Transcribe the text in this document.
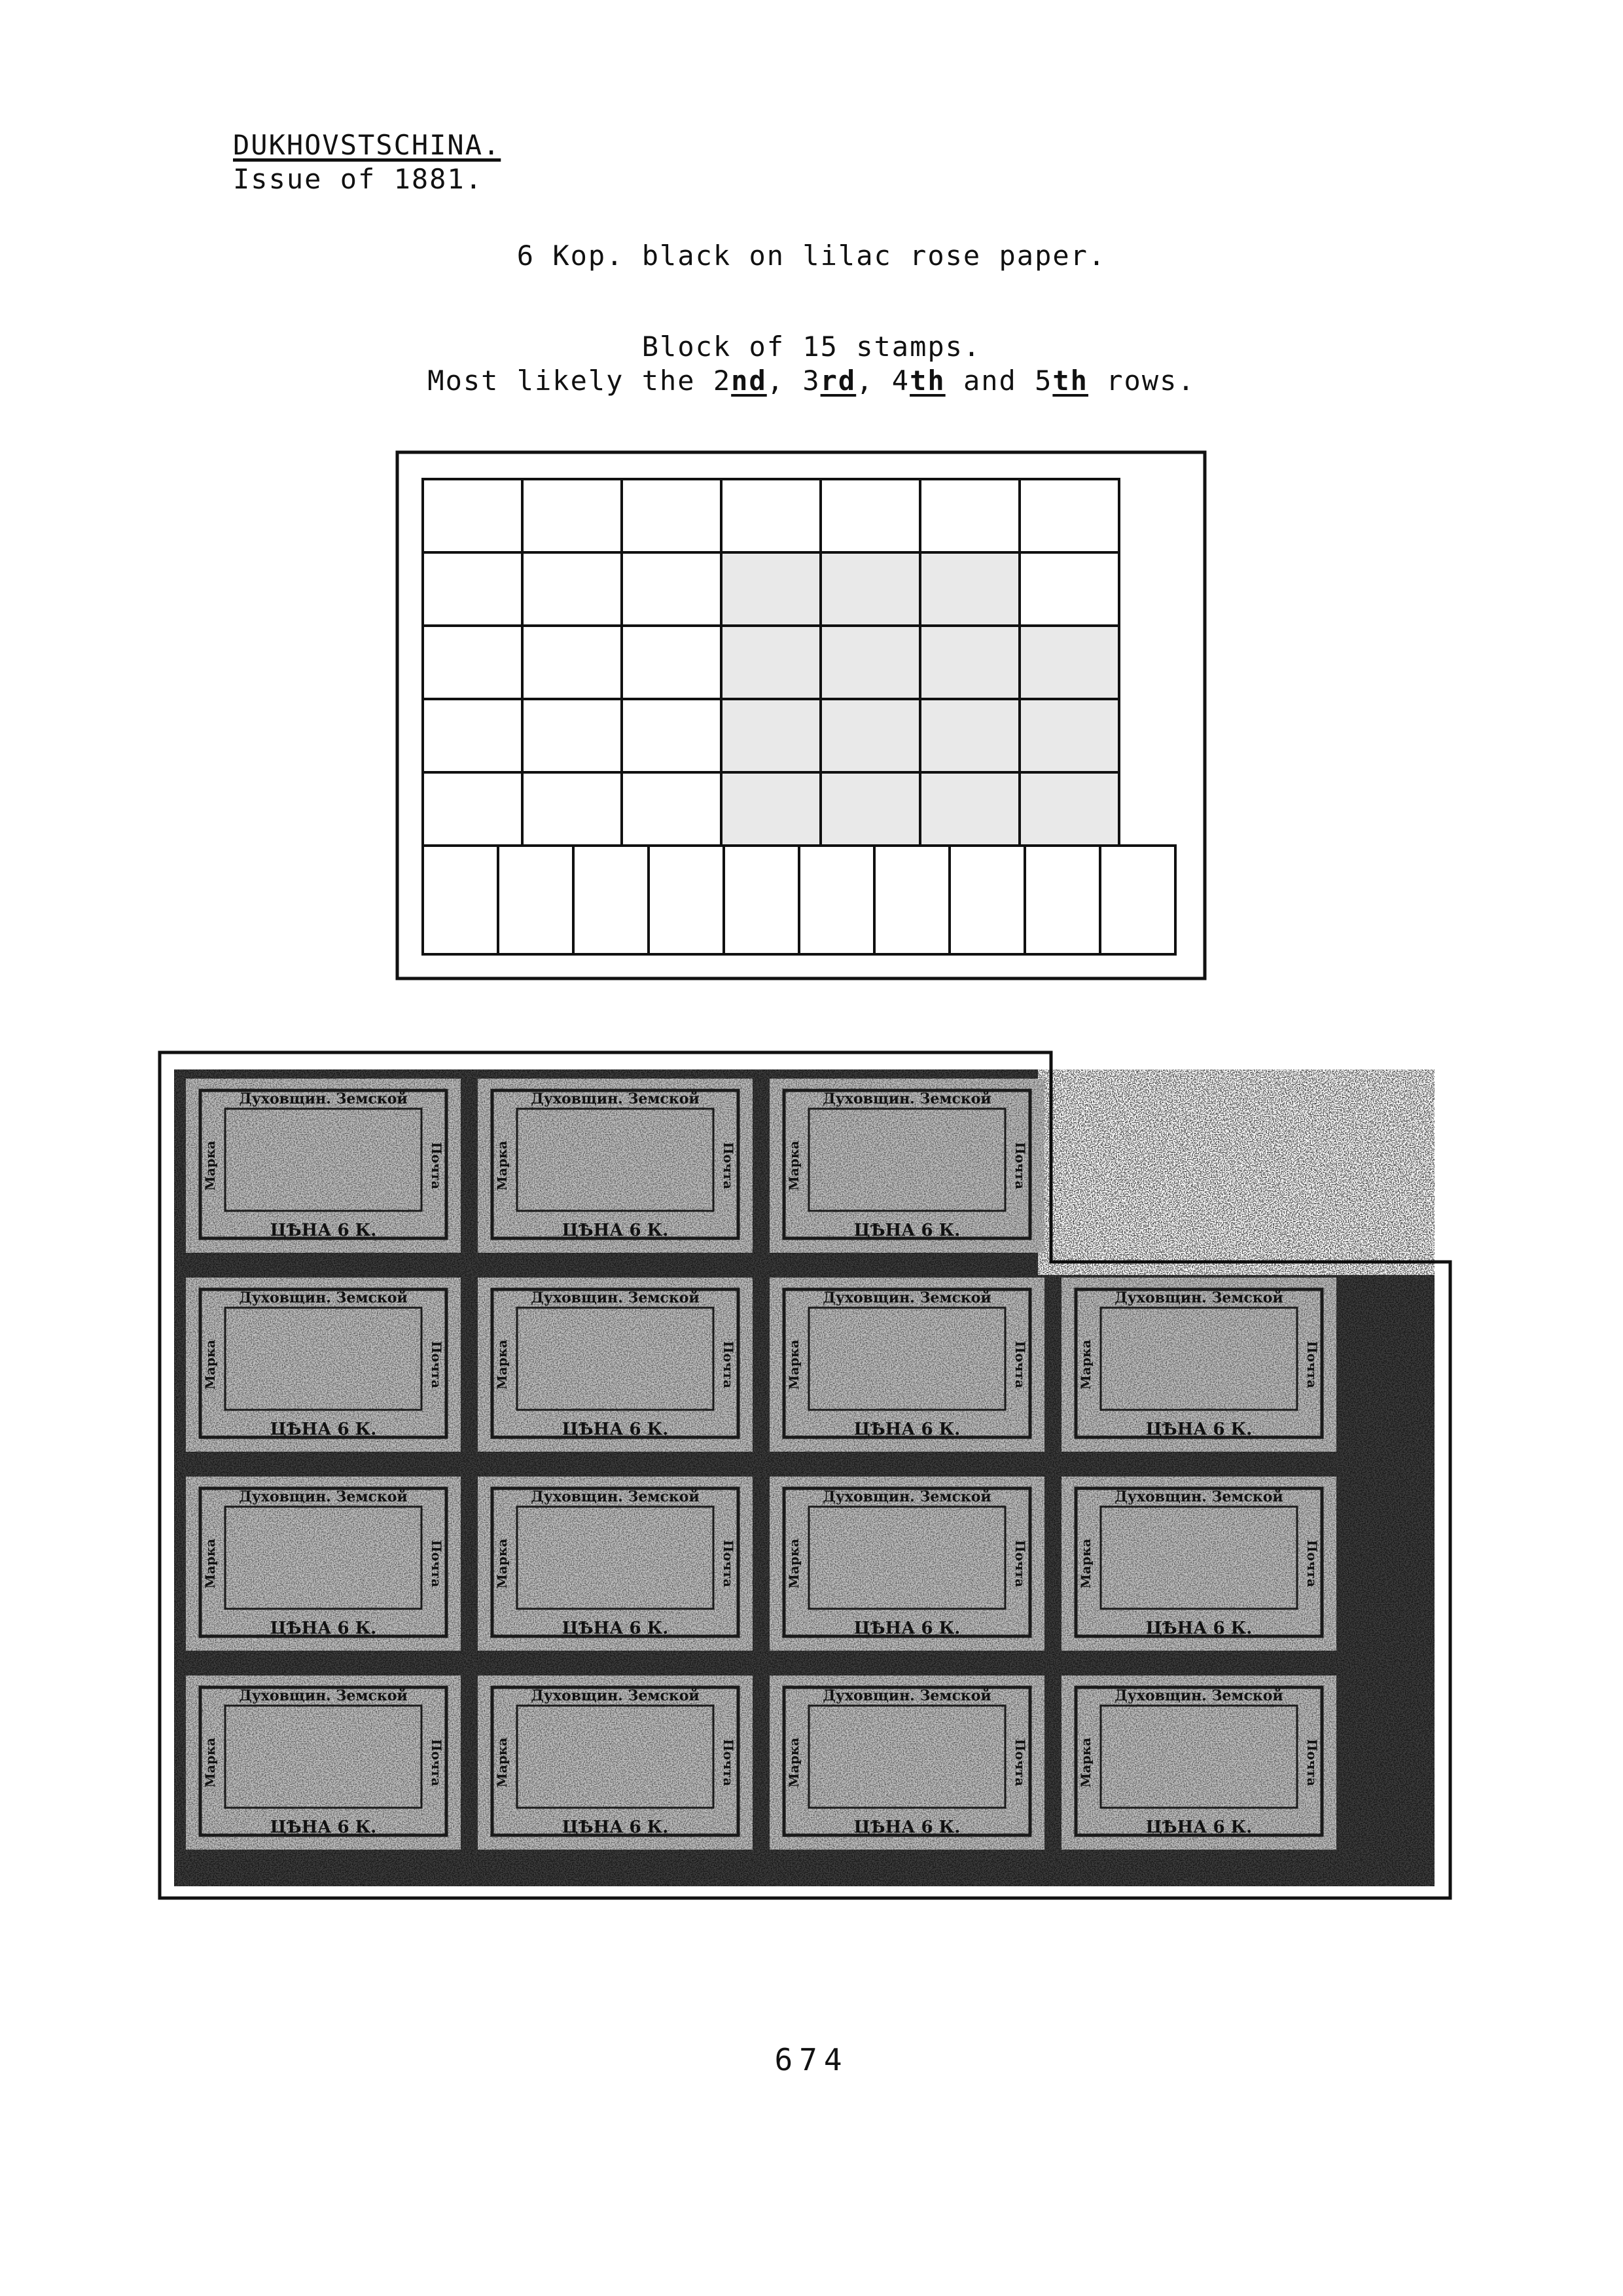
DUKHOVSTSCHINA.
Issue of 1881.
6 Kop. black on lilac rose paper.
Block of 15 stamps.
Most likely the 2nd, 3rd, 4th and 5th rows.
Духовщин. Земской
ЦѢНА 6 К.
Марка	Почта
Духовщин. Земской
ЦѢНА 6 К.
Марка	Почта
Духовщин. Земской
ЦѢНА 6 К.
Марка	Почта
Духовщин. Земской
ЦѢНА 6 К.
Марка	Почта
Духовщин. Земской
ЦѢНА 6 К.
Марка	Почта
Духовщин. Земской
ЦѢНА 6 К.
Марка	Почта
Духовщин. Земской
ЦѢНА 6 К.
Марка	Почта
Духовщин. Земской
ЦѢНА 6 К.
Марка	Почта
Духовщин. Земской
ЦѢНА 6 К.
Марка	Почта
Духовщин. Земской
ЦѢНА 6 К.
Марка	Почта
Духовщин. Земской
ЦѢНА 6 К.
Марка	Почта
Духовщин. Земской
ЦѢНА 6 К.
Марка	Почта
Духовщин. Земской
ЦѢНА 6 К.
Марка	Почта
Духовщин. Земской
ЦѢНА 6 К.
Марка	Почта
Духовщин. Земской
ЦѢНА 6 К.
Марка	Почта
674
